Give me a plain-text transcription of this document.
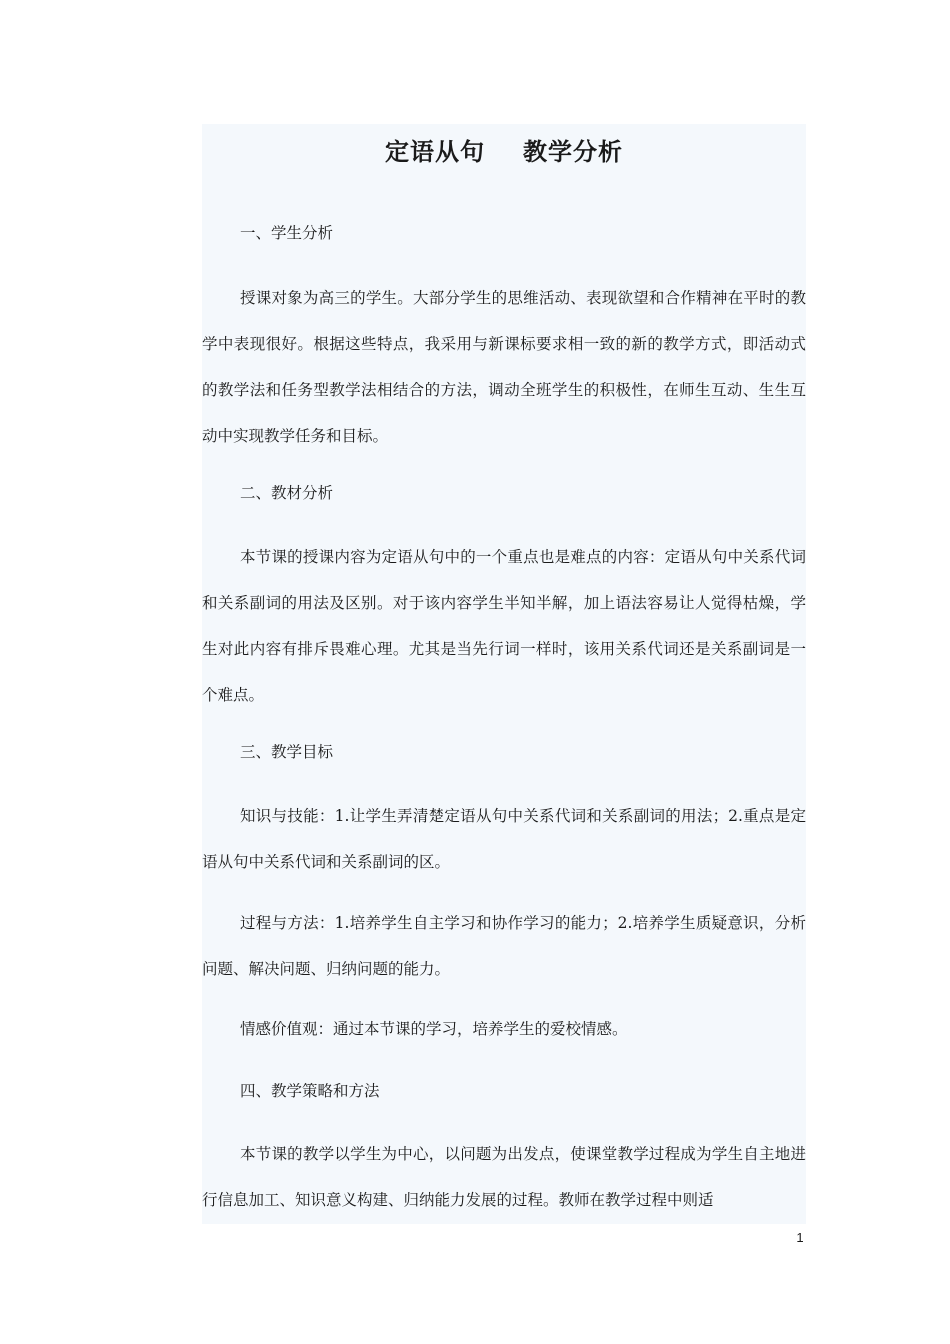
定语从句 教学分析

一、学生分析

授课对象为高三的学生。大部分学生的思维活动、表现欲望和合作精神在平时的教学中表现很好。根据这些特点，我采用与新课标要求相一致的新的教学方式，即活动式的教学法和任务型教学法相结合的方法，调动全班学生的积极性，在师生互动、生生互动中实现教学任务和目标。

二、教材分析

本节课的授课内容为定语从句中的一个重点也是难点的内容：定语从句中关系代词和关系副词的用法及区别。对于该内容学生半知半解，加上语法容易让人觉得枯燥，学生对此内容有排斥畏难心理。尤其是当先行词一样时，该用关系代词还是关系副词是一个难点。

三、教学目标

知识与技能：1.让学生弄清楚定语从句中关系代词和关系副词的用法；2.重点是定语从句中关系代词和关系副词的区。

过程与方法：1.培养学生自主学习和协作学习的能力；2.培养学生质疑意识，分析问题、解决问题、归纳问题的能力。

情感价值观：通过本节课的学习，培养学生的爱校情感。

四、教学策略和方法

本节课的教学以学生为中心，以问题为出发点，使课堂教学过程成为学生自主地进行信息加工、知识意义构建、归纳能力发展的过程。教师在教学过程中则适

1
